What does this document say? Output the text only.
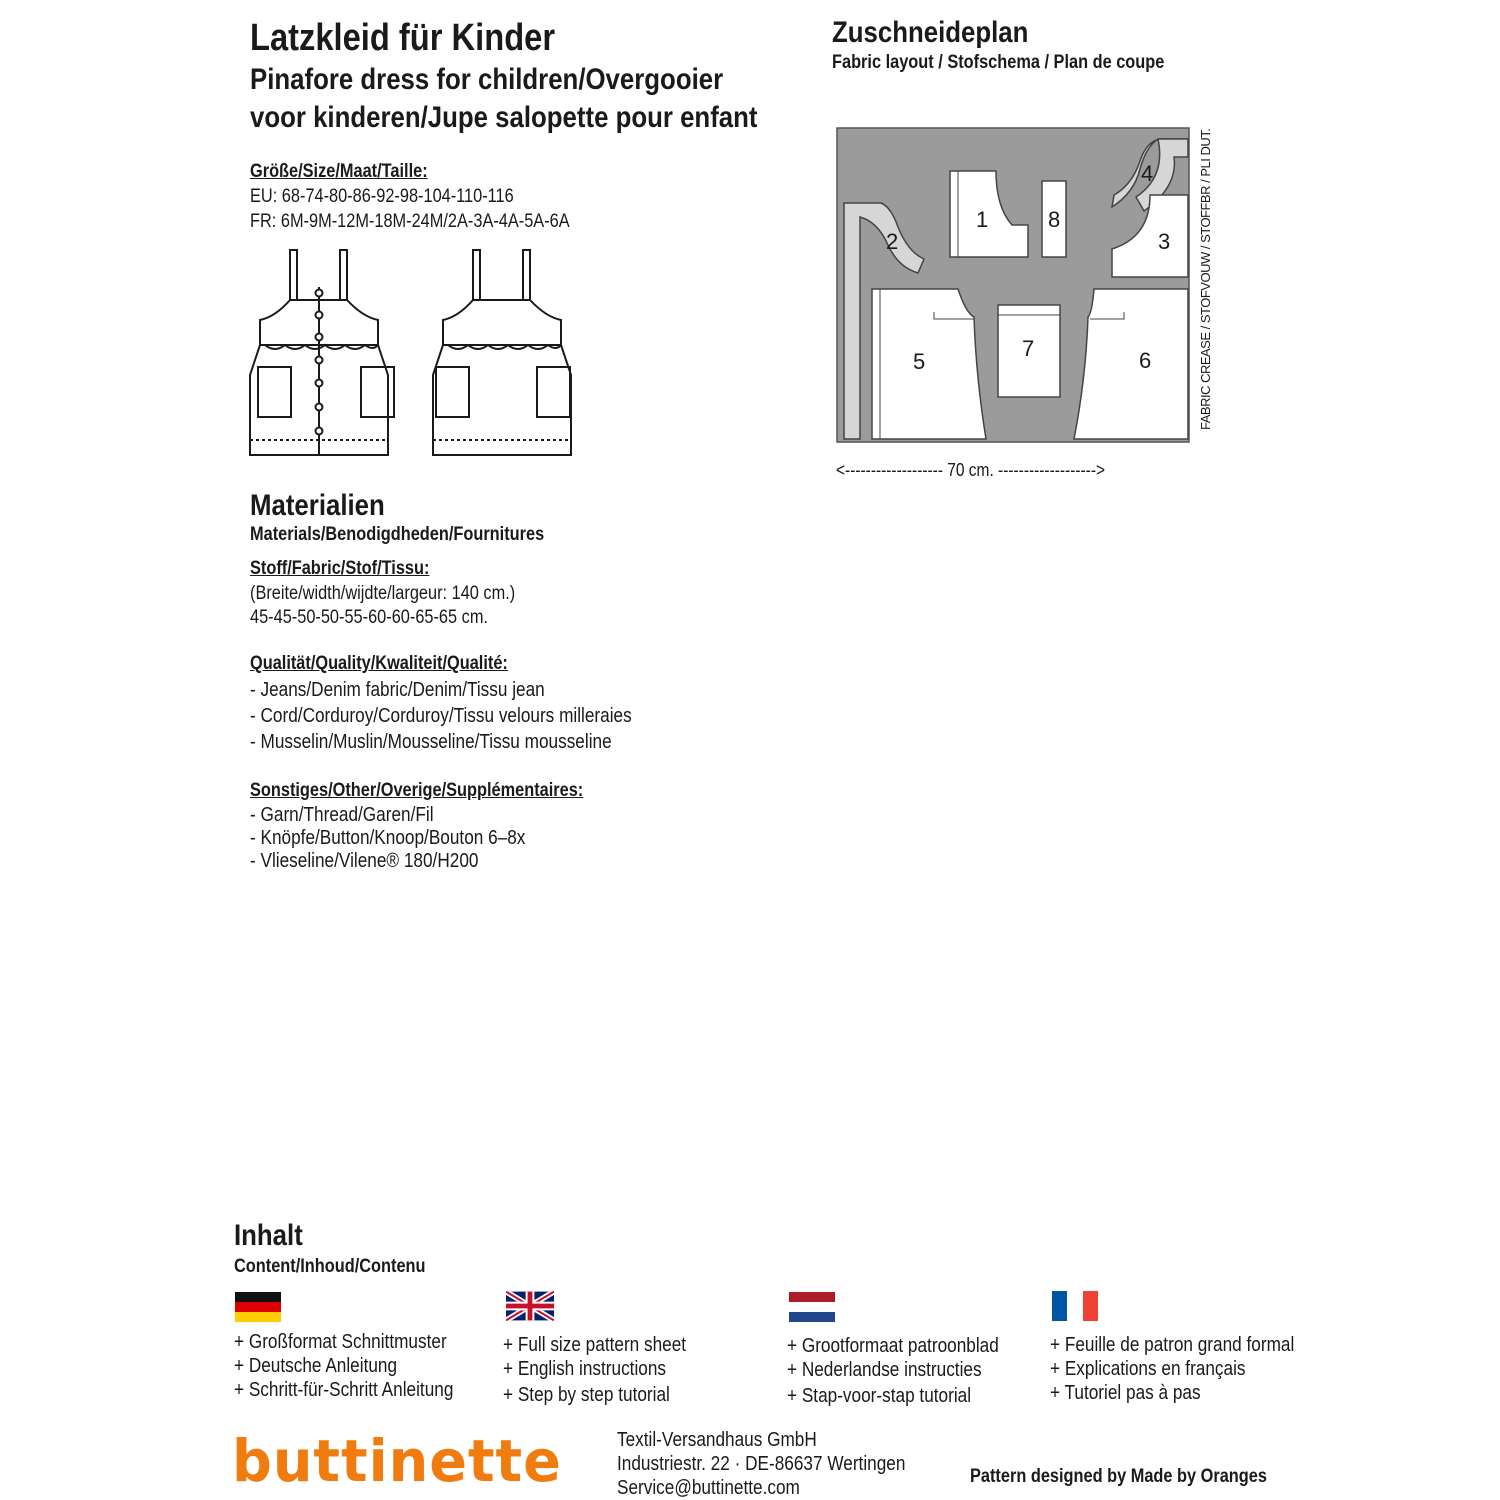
Latzkleid für Kinder
Pinafore dress for children/Overgooier
voor kinderen/Jupe salopette pour enfant
Größe/Size/Maat/Taille:
EU: 68-74-80-86-92-98-104-110-116
FR: 6M-9M-12M-18M-24M/2A-3A-4A-5A-6A
Materialien
Materials/Benodigdheden/Fournitures
Stoff/Fabric/Stof/Tissu:
(Breite/width/wijdte/largeur: 140 cm.)
45-45-50-50-55-60-60-65-65 cm.
Qualität/Quality/Kwaliteit/Qualité:
- Jeans/Denim fabric/Denim/Tissu jean
- Cord/Corduroy/Corduroy/Tissu velours milleraies
- Musselin/Muslin/Mousseline/Tissu mousseline
Sonstiges/Other/Overige/Supplémentaires:
- Garn/Thread/Garen/Fil
- Knöpfe/Button/Knoop/Bouton 6–8x
- Vlieseline/Vilene® 180/H200
Zuschneideplan
Fabric layout / Stofschema / Plan de coupe
1
2	3
4
5	6
7
8	FABRIC CREASE / STOFVOUW / STOFFBR / PLI DUT.
<------------------- 70 cm. ------------------->
Inhalt
Content/Inhoud/Contenu
+ Großformat Schnittmuster
+ Deutsche Anleitung
+ Schritt-für-Schritt Anleitung
+ Full size pattern sheet
+ English instructions
+ Step by step tutorial
+ Grootformaat patroonblad
+ Nederlandse instructies
+ Stap-voor-stap tutorial
+ Feuille de patron grand formal
+ Explications en français
+ Tutoriel pas à pas
buttinette	Textil-Versandhaus GmbH
Industriestr. 22 · DE-86637 Wertingen
Service@buttinette.com
Pattern designed by Made by Oranges
